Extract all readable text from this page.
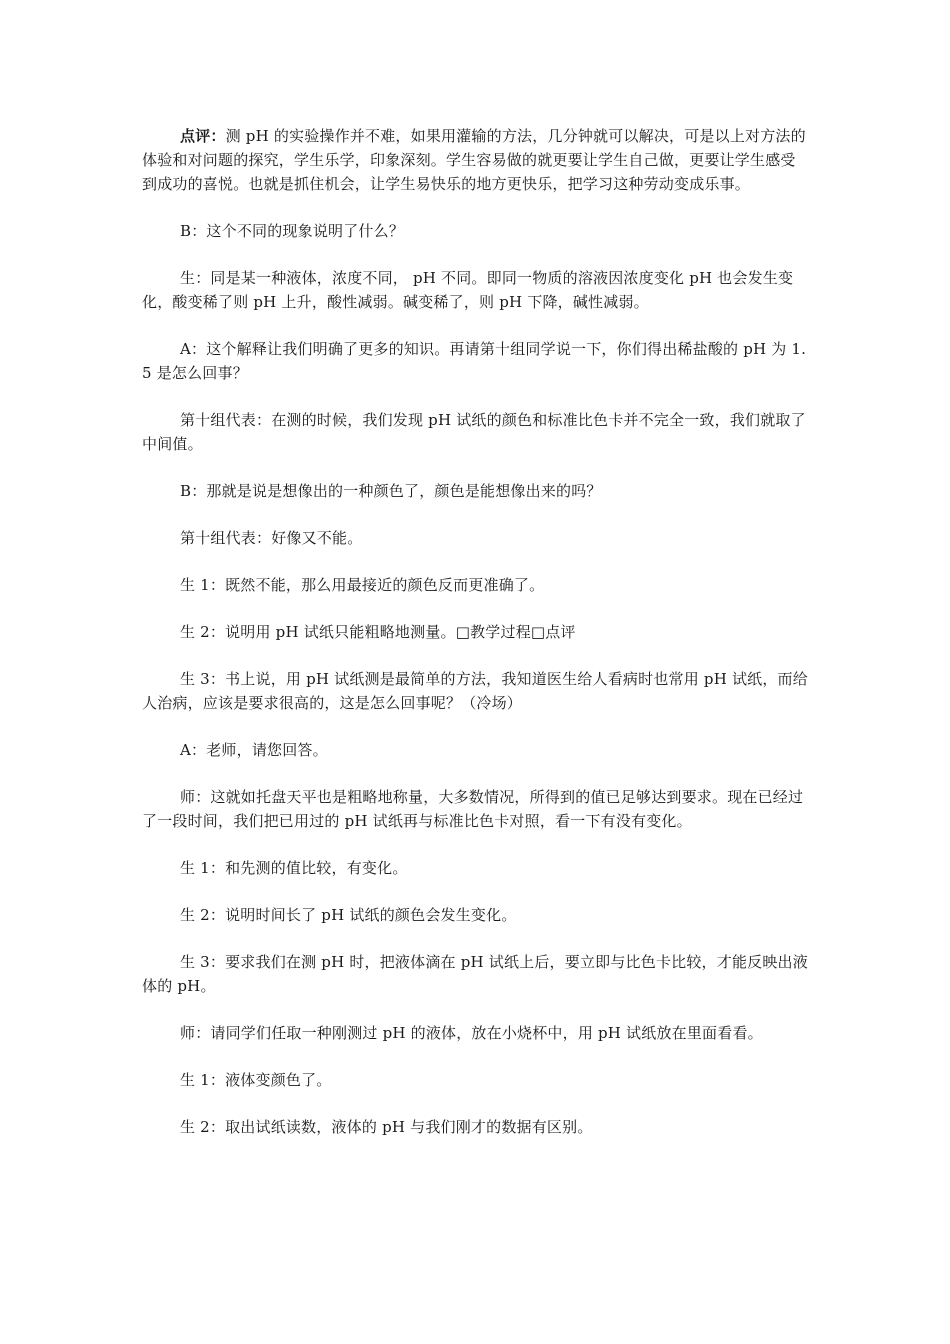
点评：测 pH 的实验操作并不难，如果用灌输的方法，几分钟就可以解决，可是以上对方法的体验和对问题的探究，学生乐学，印象深刻。学生容易做的就更要让学生自己做，更要让学生感受到成功的喜悦。也就是抓住机会，让学生易快乐的地方更快乐，把学习这种劳动变成乐事。

B：这个不同的现象说明了什么？

生：同是某一种液体，浓度不同， pH 不同。即同一物质的溶液因浓度变化 pH 也会发生变化，酸变稀了则 pH 上升，酸性减弱。碱变稀了，则 pH 下降，碱性减弱。

A：这个解释让我们明确了更多的知识。再请第十组同学说一下，你们得出稀盐酸的 pH 为 1.5 是怎么回事？

第十组代表：在测的时候，我们发现 pH 试纸的颜色和标准比色卡并不完全一致，我们就取了中间值。

B：那就是说是想像出的一种颜色了，颜色是能想像出来的吗？

第十组代表：好像又不能。

生 1：既然不能，那么用最接近的颜色反而更准确了。

生 2：说明用 pH 试纸只能粗略地测量。□教学过程□点评

生 3：书上说，用 pH 试纸测是最简单的方法，我知道医生给人看病时也常用 pH 试纸，而给人治病，应该是要求很高的，这是怎么回事呢？（冷场）

A：老师，请您回答。

师：这就如托盘天平也是粗略地称量，大多数情况，所得到的值已足够达到要求。现在已经过了一段时间，我们把已用过的 pH 试纸再与标准比色卡对照，看一下有没有变化。

生 1：和先测的值比较，有变化。

生 2：说明时间长了 pH 试纸的颜色会发生变化。

生 3：要求我们在测 pH 时，把液体滴在 pH 试纸上后，要立即与比色卡比较，才能反映出液体的 pH。

师：请同学们任取一种刚测过 pH 的液体，放在小烧杯中，用 pH 试纸放在里面看看。

生 1：液体变颜色了。

生 2：取出试纸读数，液体的 pH 与我们刚才的数据有区别。
